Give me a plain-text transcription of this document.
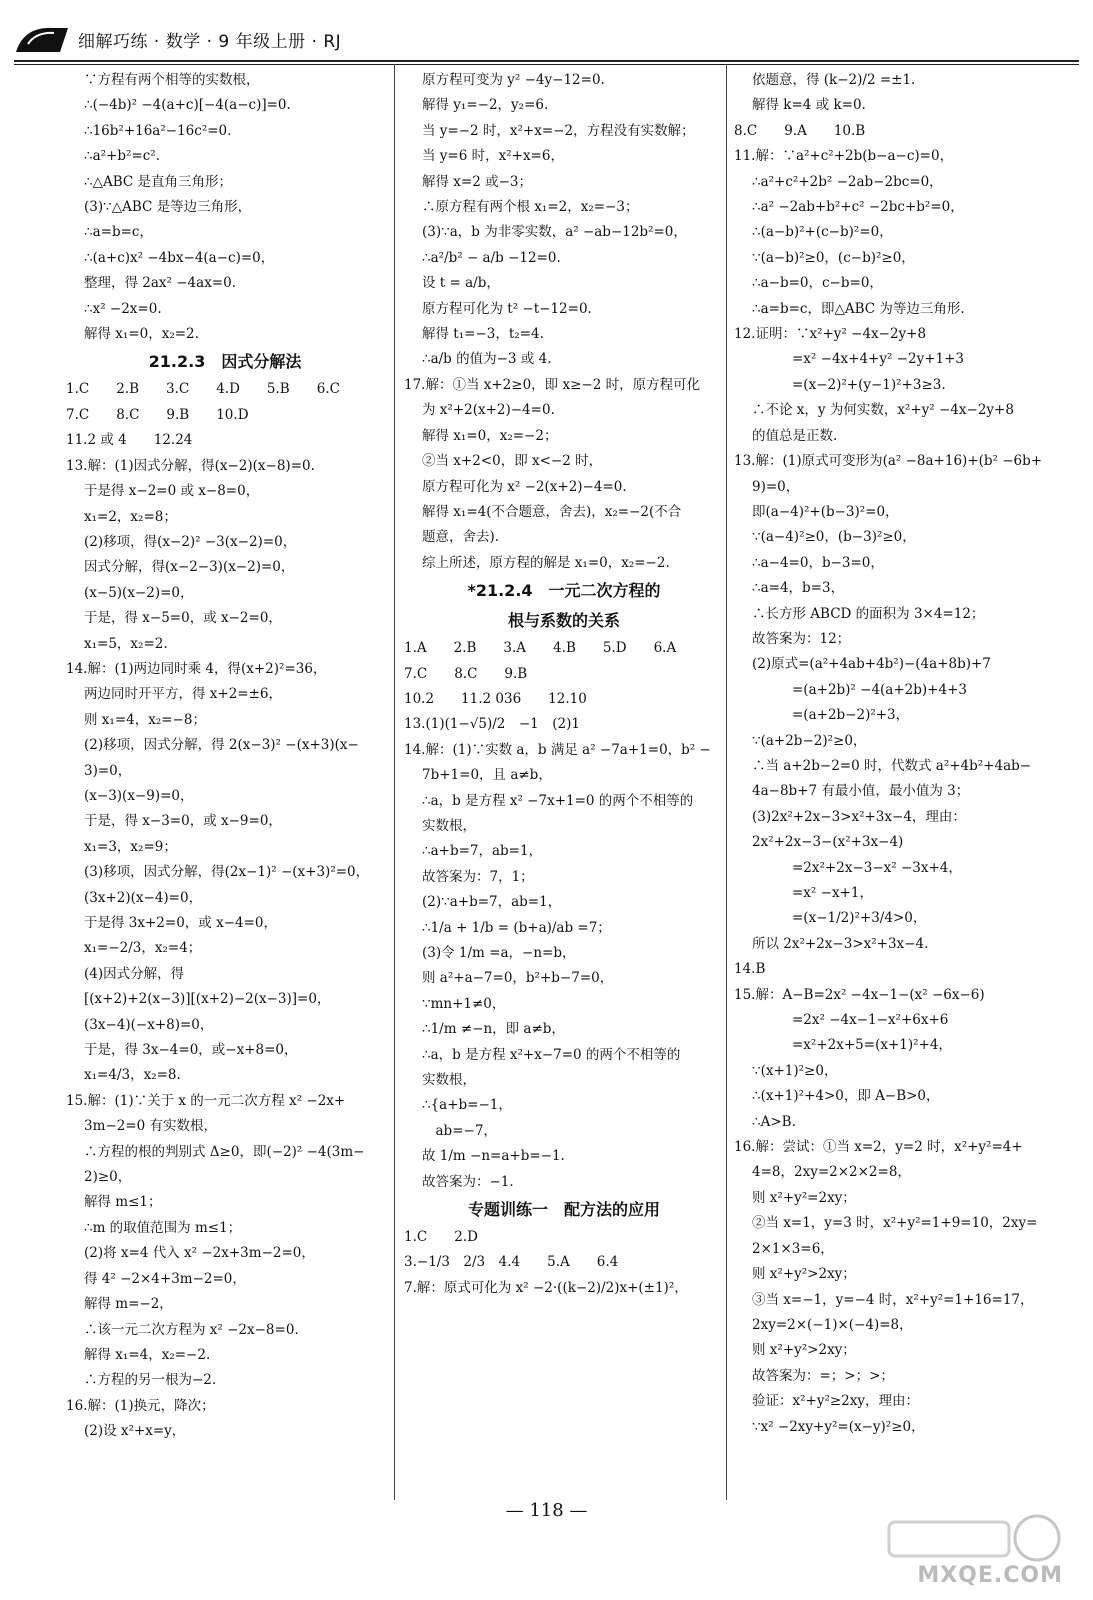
细解巧练 · 数学 · 9 年级上册 · RJ
∵方程有两个相等的实数根，
∴(−4b)² −4(a+c)[−4(a−c)]=0.
∴16b²+16a²−16c²=0.
∴a²+b²=c².
∴△ABC 是直角三角形；
(3)∵△ABC 是等边三角形，
∴a=b=c，
∴(a+c)x² −4bx−4(a−c)=0，
整理，得 2ax² −4ax=0.
∴x² −2x=0.
解得 x₁=0，x₂=2.
21.2.3　因式分解法
1.C　　2.B　　3.C　　4.D　　5.B　　6.C
7.C　　8.C　　9.B　　10.D
11.2 或 4　　12.24
13.解：(1)因式分解，得(x−2)(x−8)=0.
于是得 x−2=0 或 x−8=0，
x₁=2，x₂=8；
(2)移项，得(x−2)² −3(x−2)=0，
因式分解，得(x−2−3)(x−2)=0，
(x−5)(x−2)=0，
于是，得 x−5=0，或 x−2=0，
x₁=5，x₂=2.
14.解：(1)两边同时乘 4，得(x+2)²=36，
两边同时开平方，得 x+2=±6，
则 x₁=4，x₂=−8；
(2)移项，因式分解，得 2(x−3)² −(x+3)(x−
3)=0，
(x−3)(x−9)=0，
于是，得 x−3=0，或 x−9=0，
x₁=3，x₂=9；
(3)移项，因式分解，得(2x−1)² −(x+3)²=0，
(3x+2)(x−4)=0，
于是得 3x+2=0，或 x−4=0，
x₁=−2/3，x₂=4；
(4)因式分解，得
[(x+2)+2(x−3)][(x+2)−2(x−3)]=0，
(3x−4)(−x+8)=0，
于是，得 3x−4=0，或−x+8=0，
x₁=4/3，x₂=8.
15.解：(1)∵关于 x 的一元二次方程 x² −2x+
3m−2=0 有实数根，
∴方程的根的判别式 Δ≥0，即(−2)² −4(3m−
2)≥0，
解得 m≤1；
∴m 的取值范围为 m≤1；
(2)将 x=4 代入 x² −2x+3m−2=0，
得 4² −2×4+3m−2=0，
解得 m=−2，
∴该一元二次方程为 x² −2x−8=0.
解得 x₁=4，x₂=−2.
∴方程的另一根为−2.
16.解：(1)换元，降次；
(2)设 x²+x=y，
原方程可变为 y² −4y−12=0.
解得 y₁=−2，y₂=6.
当 y=−2 时，x²+x=−2，方程没有实数解；
当 y=6 时，x²+x=6，
解得 x=2 或−3；
∴原方程有两个根 x₁=2，x₂=−3；
(3)∵a，b 为非零实数，a² −ab−12b²=0，
∴a²/b² − a/b −12=0.
设 t = a/b，
原方程可化为 t² −t−12=0.
解得 t₁=−3，t₂=4.
∴a/b 的值为−3 或 4.
17.解：①当 x+2≥0，即 x≥−2 时，原方程可化
为 x²+2(x+2)−4=0.
解得 x₁=0，x₂=−2；
②当 x+2<0，即 x<−2 时，
原方程可化为 x² −2(x+2)−4=0.
解得 x₁=4(不合题意，舍去)，x₂=−2(不合
题意，舍去).
综上所述，原方程的解是 x₁=0，x₂=−2.
*21.2.4　一元二次方程的
根与系数的关系
1.A　　2.B　　3.A　　4.B　　5.D　　6.A
7.C　　8.C　　9.B
10.2　　11.2 036　　12.10
13.(1)(1−√5)/2　−1　(2)1
14.解：(1)∵实数 a，b 满足 a² −7a+1=0，b² −
7b+1=0，且 a≠b，
∴a，b 是方程 x² −7x+1=0 的两个不相等的
实数根，
∴a+b=7，ab=1，
故答案为：7，1；
(2)∵a+b=7，ab=1，
∴1/a + 1/b = (b+a)/ab =7；
(3)令 1/m =a，−n=b，
则 a²+a−7=0，b²+b−7=0，
∵mn+1≠0，
∴1/m ≠−n，即 a≠b，
∴a，b 是方程 x²+x−7=0 的两个不相等的
实数根，
∴{a+b=−1，
　ab=−7，
故 1/m −n=a+b=−1.
故答案为：−1.
专题训练一　配方法的应用
1.C　　2.D
3.−1/3　2/3　4.4　　5.A　　6.4
7.解：原式可化为 x² −2·((k−2)/2)x+(±1)²，
依题意，得 (k−2)/2 =±1.
解得 k=4 或 k=0.
8.C　　9.A　　10.B
11.解：∵a²+c²+2b(b−a−c)=0，
∴a²+c²+2b² −2ab−2bc=0，
∴a² −2ab+b²+c² −2bc+b²=0，
∴(a−b)²+(c−b)²=0，
∵(a−b)²≥0，(c−b)²≥0，
∴a−b=0，c−b=0，
∴a=b=c，即△ABC 为等边三角形.
12.证明：∵x²+y² −4x−2y+8
=x² −4x+4+y² −2y+1+3
=(x−2)²+(y−1)²+3≥3.
∴不论 x，y 为何实数，x²+y² −4x−2y+8
的值总是正数.
13.解：(1)原式可变形为(a² −8a+16)+(b² −6b+
9)=0，
即(a−4)²+(b−3)²=0，
∵(a−4)²≥0，(b−3)²≥0，
∴a−4=0，b−3=0，
∴a=4，b=3，
∴长方形 ABCD 的面积为 3×4=12；
故答案为：12；
(2)原式=(a²+4ab+4b²)−(4a+8b)+7
=(a+2b)² −4(a+2b)+4+3
=(a+2b−2)²+3，
∵(a+2b−2)²≥0，
∴当 a+2b−2=0 时，代数式 a²+4b²+4ab−
4a−8b+7 有最小值，最小值为 3；
(3)2x²+2x−3>x²+3x−4，理由：
2x²+2x−3−(x²+3x−4)
=2x²+2x−3−x² −3x+4，
=x² −x+1，
=(x−1/2)²+3/4>0，
所以 2x²+2x−3>x²+3x−4.
14.B
15.解：A−B=2x² −4x−1−(x² −6x−6)
=2x² −4x−1−x²+6x+6
=x²+2x+5=(x+1)²+4，
∵(x+1)²≥0，
∴(x+1)²+4>0，即 A−B>0，
∴A>B.
16.解：尝试：①当 x=2，y=2 时，x²+y²=4+
4=8，2xy=2×2×2=8，
则 x²+y²=2xy；
②当 x=1，y=3 时，x²+y²=1+9=10，2xy=
2×1×3=6，
则 x²+y²>2xy；
③当 x=−1，y=−4 时，x²+y²=1+16=17，
2xy=2×(−1)×(−4)=8，
则 x²+y²>2xy；
故答案为：=；>；>；
验证：x²+y²≥2xy，理由：
∵x² −2xy+y²=(x−y)²≥0，
— 118 —
MXQE.COM
